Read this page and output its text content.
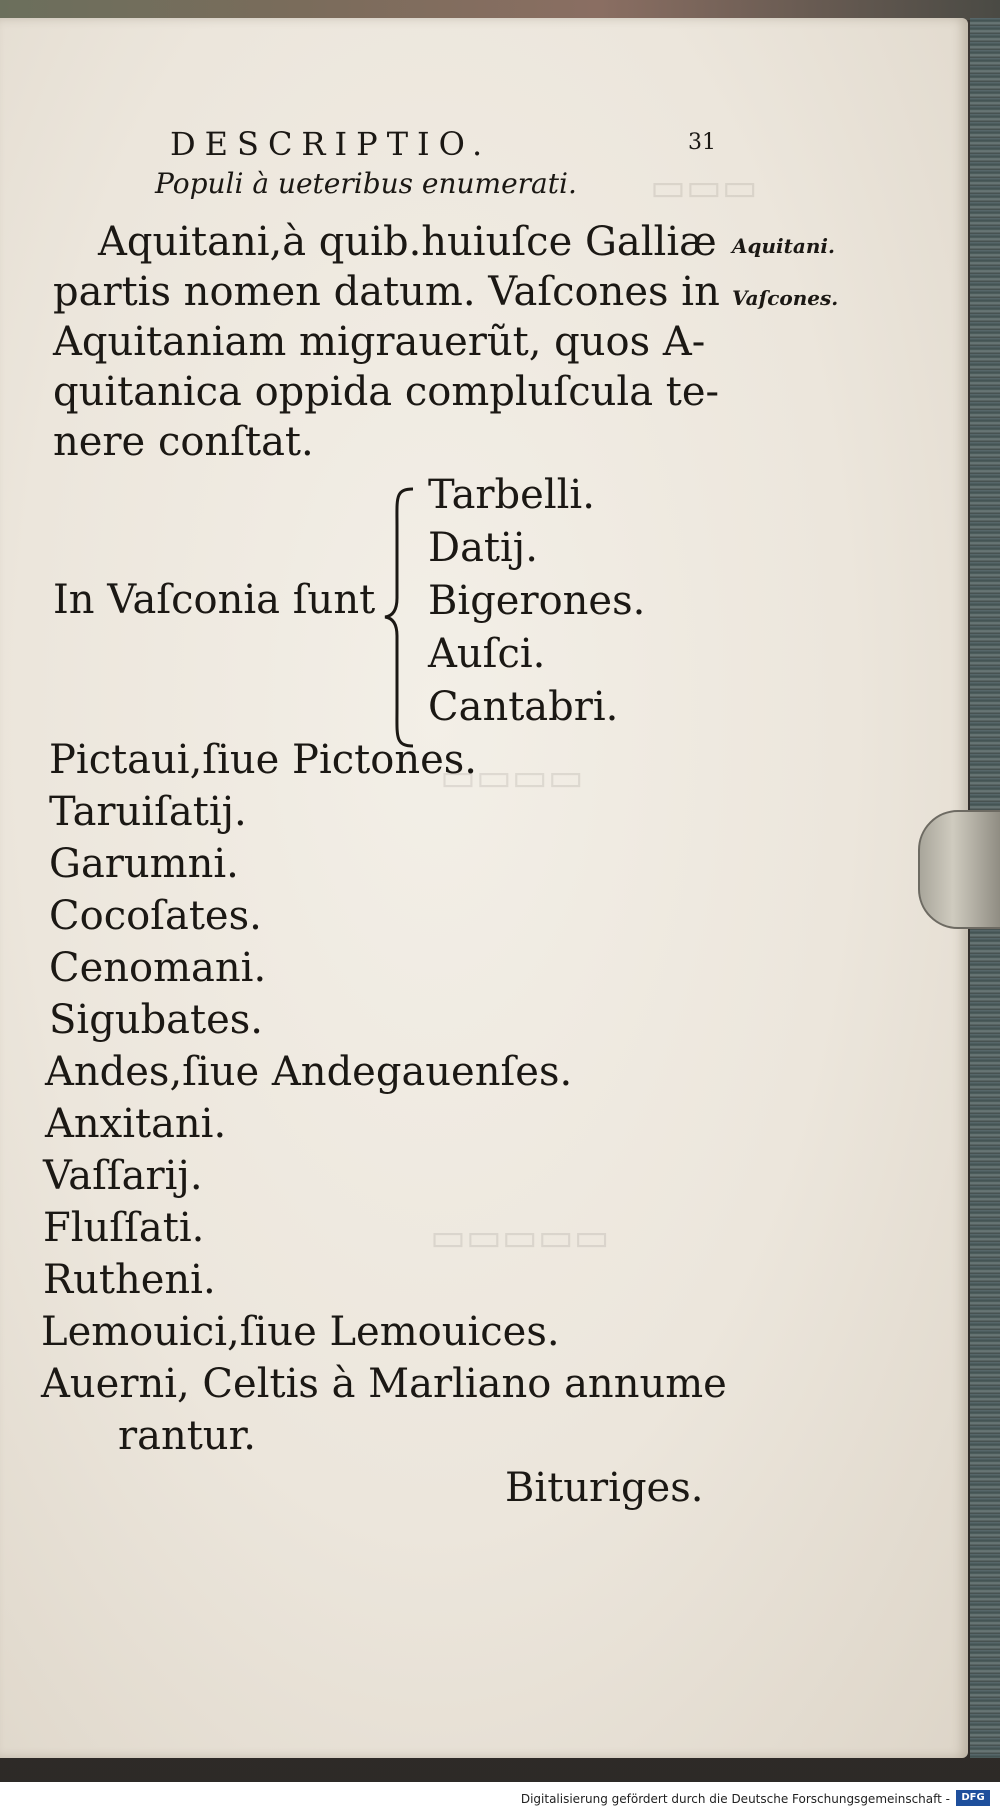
▭▭▭
▭▭▭▭
▭▭▭▭▭
DESCRIPTIO.	31
Populi à ueteribus enumerati.
Aquitani,à quib.huiuſce Galliæ
partis nomen datum. Vaſcones in
Aquitaniam migrauerũt, quos A-
quitanica oppida compluſcula te-
nere conſtat.
Aquitani.
Vaſcones.
In Vaſconia ſunt
Tarbelli.
Datij.
Bigerones.
Auſci.
Cantabri.
Pictaui,ſiue Pictones.
Taruiſatij.
Garumni.
Cocoſates.
Cenomani.
Sigubates.
Andes,ſiue Andegauenſes.
Anxitani.
Vaſſarij.
Fluſſati.
Rutheni.
Lemouici,ſiue Lemouices.
Auerni, Celtis à Marliano annume
rantur.
Bituriges.
Digitalisierung gefördert durch die Deutsche Forschungsgemeinschaft -	DFG
